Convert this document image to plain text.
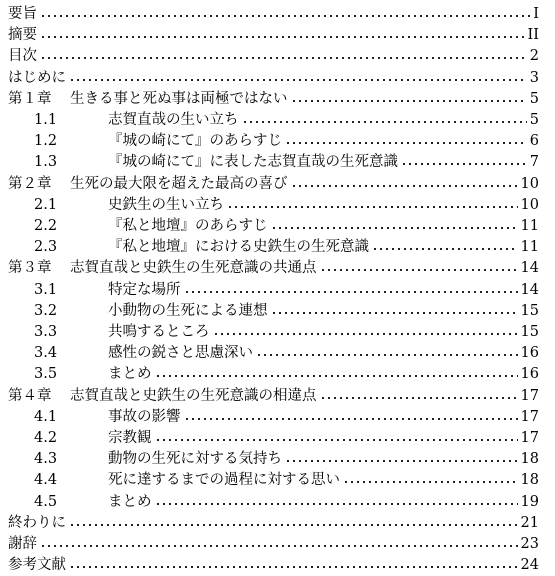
要旨	I
摘要	II
目次	2
はじめに	3
第１章	生きる事と死ぬ事は両極ではない	5
1.1	志賀直哉の生い立ち	5
1.2	『城の崎にて』のあらすじ	6
1.3	『城の崎にて』に表した志賀直哉の生死意識	7
第２章	生死の最大限を超えた最高の喜び	10
2.1	史鉄生の生い立ち	10
2.2	『私と地壇』のあらすじ	11
2.3	『私と地壇』における史鉄生の生死意識	11
第３章	志賀直哉と史鉄生の生死意識の共通点	14
3.1	特定な場所	14
3.2	小動物の生死による連想	15
3.3	共鳴するところ	15
3.4	感性の鋭さと思慮深い	16
3.5	まとめ	16
第４章	志賀直哉と史鉄生の生死意識の相違点	17
4.1	事故の影響	17
4.2	宗教観	17
4.3	動物の生死に対する気持ち	18
4.4	死に達するまでの過程に対する思い	18
4.5	まとめ	19
終わりに	21
謝辞	23
参考文献	24
